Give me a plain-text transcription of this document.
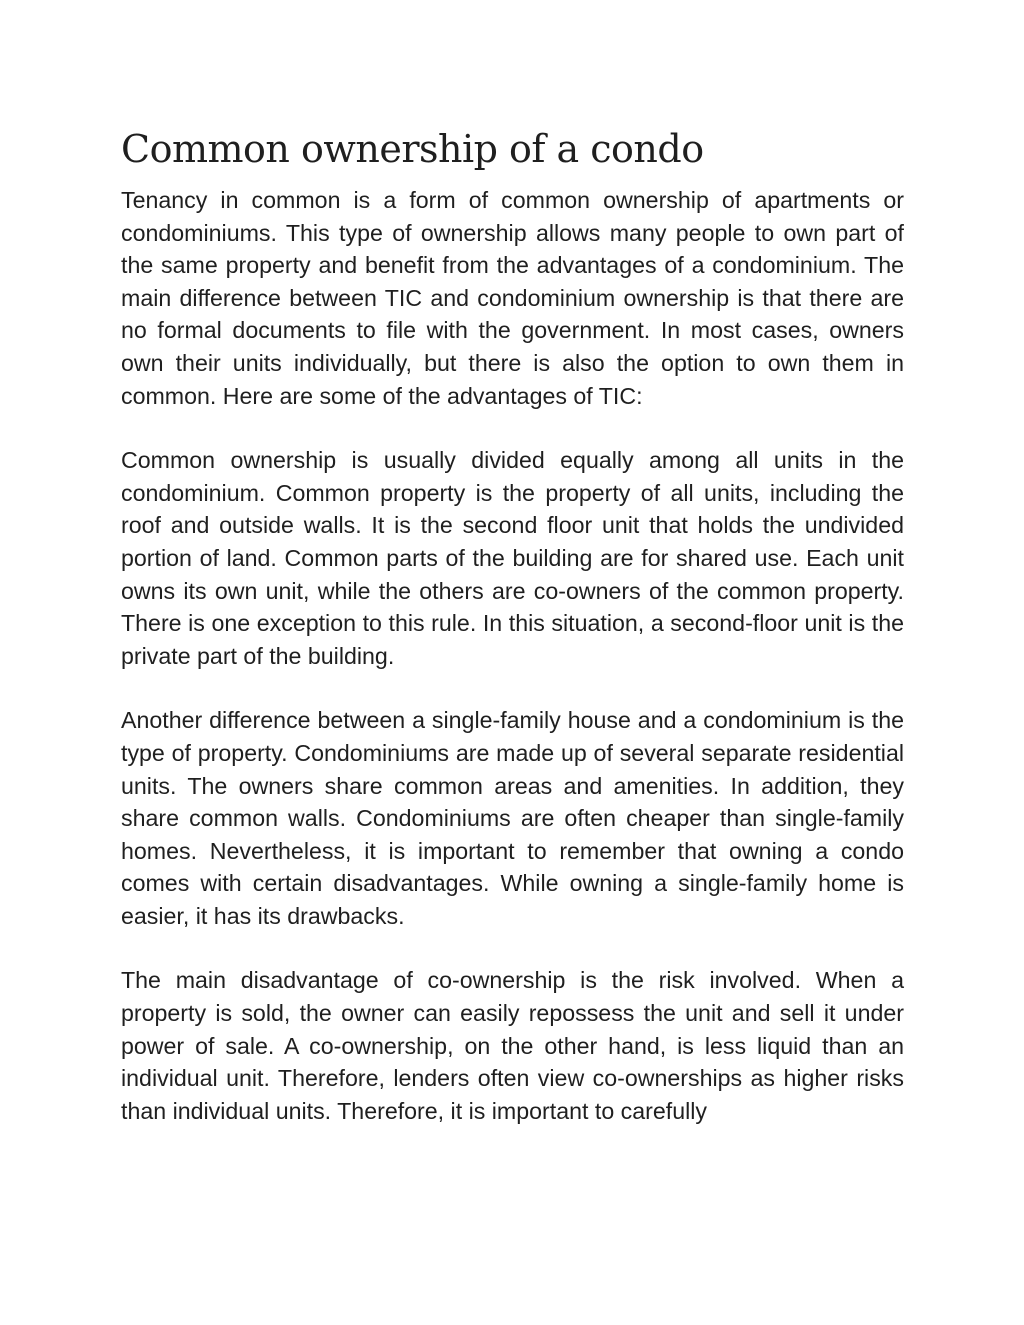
Common ownership of a condo

Tenancy in common is a form of common ownership of apartments or condominiums. This type of ownership allows many people to own part of the same property and benefit from the advantages of a condominium. The main difference between TIC and condominium ownership is that there are no formal documents to file with the government. In most cases, owners own their units individually, but there is also the option to own them in common. Here are some of the advantages of TIC:

Common ownership is usually divided equally among all units in the condominium. Common property is the property of all units, including the roof and outside walls. It is the second floor unit that holds the undivided portion of land. Common parts of the building are for shared use. Each unit owns its own unit, while the others are co-owners of the common property. There is one exception to this rule. In this situation, a second-floor unit is the private part of the building.

Another difference between a single-family house and a condominium is the type of property. Condominiums are made up of several separate residential units. The owners share common areas and amenities. In addition, they share common walls. Condominiums are often cheaper than single-family homes. Nevertheless, it is important to remember that owning a condo comes with certain disadvantages. While owning a single-family home is easier, it has its drawbacks.

The main disadvantage of co-ownership is the risk involved. When a property is sold, the owner can easily repossess the unit and sell it under power of sale. A co-ownership, on the other hand, is less liquid than an individual unit. Therefore, lenders often view co-ownerships as higher risks than individual units. Therefore, it is important to carefully
